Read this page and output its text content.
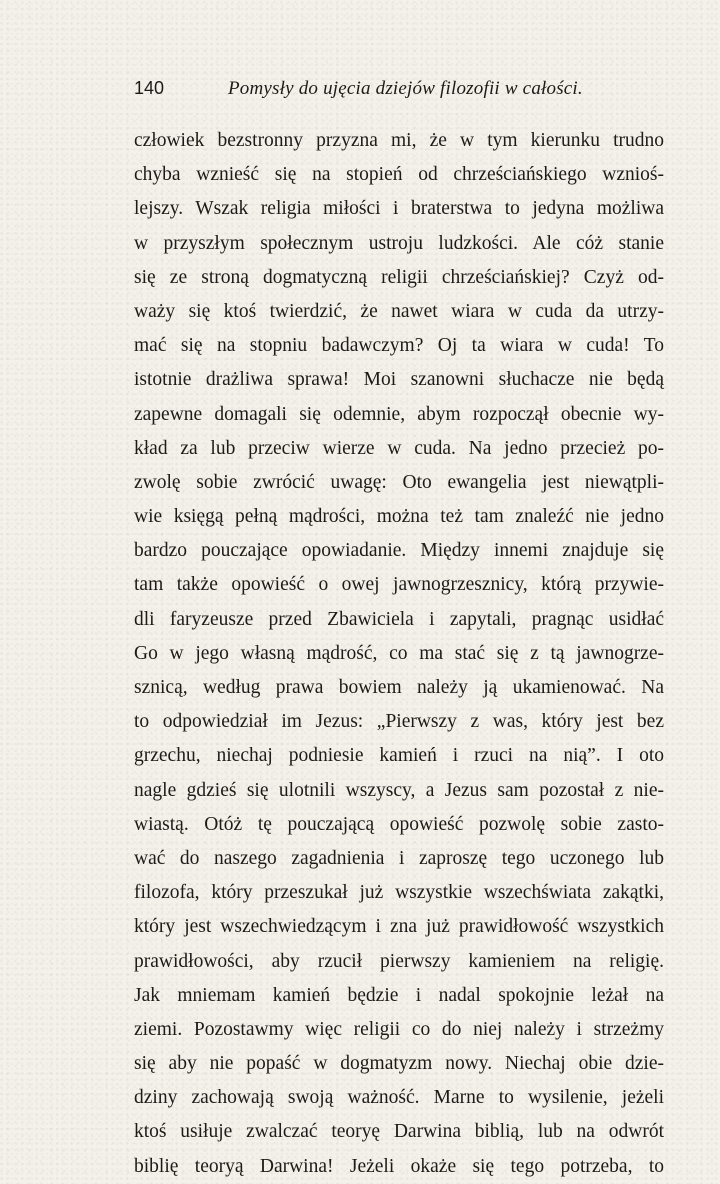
140	Pomysły do ujęcia dziejów filozofii w całości.
człowiek bezstronny przyzna mi, że w tym kierunku trudno
chyba wznieść się na stopień od chrześciańskiego wznioś-
lejszy. Wszak religia miłości i braterstwa to jedyna możliwa
w przyszłym społecznym ustroju ludzkości. Ale cóż stanie
się ze stroną dogmatyczną religii chrześciańskiej? Czyż od-
waży się ktoś twierdzić, że nawet wiara w cuda da utrzy-
mać się na stopniu badawczym? Oj ta wiara w cuda! To
istotnie drażliwa sprawa! Moi szanowni słuchacze nie będą
zapewne domagali się odemnie, abym rozpoczął obecnie wy-
kład za lub przeciw wierze w cuda. Na jedno przecież po-
zwolę sobie zwrócić uwagę: Oto ewangelia jest niewątpli-
wie księgą pełną mądrości, można też tam znaleźć nie jedno
bardzo pouczające opowiadanie. Między innemi znajduje się
tam także opowieść o owej jawnogrzesznicy, którą przywie-
dli faryzeusze przed Zbawiciela i zapytali, pragnąc usidłać
Go w jego własną mądrość, co ma stać się z tą jawnogrze-
sznicą, według prawa bowiem należy ją ukamienować. Na
to odpowiedział im Jezus: „Pierwszy z was, który jest bez
grzechu, niechaj podniesie kamień i rzuci na nią”. I oto
nagle gdzieś się ulotnili wszyscy, a Jezus sam pozostał z nie-
wiastą. Otóż tę pouczającą opowieść pozwolę sobie zasto-
wać do naszego zagadnienia i zaproszę tego uczonego lub
filozofa, który przeszukał już wszystkie wszechświata zakątki,
który jest wszechwiedzącym i zna już prawidłowość wszystkich
prawidłowości, aby rzucił pierwszy kamieniem na religię.
Jak mniemam kamień będzie i nadal spokojnie leżał na
ziemi. Pozostawmy więc religii co do niej należy i strzeżmy
się aby nie popaść w dogmatyzm nowy. Niechaj obie dzie-
dziny zachowają swoją ważność. Marne to wysilenie, jeżeli
ktoś usiłuje zwalczać teoryę Darwina biblią, lub na odwrót
biblię teoryą Darwina! Jeżeli okaże się tego potrzeba, to
